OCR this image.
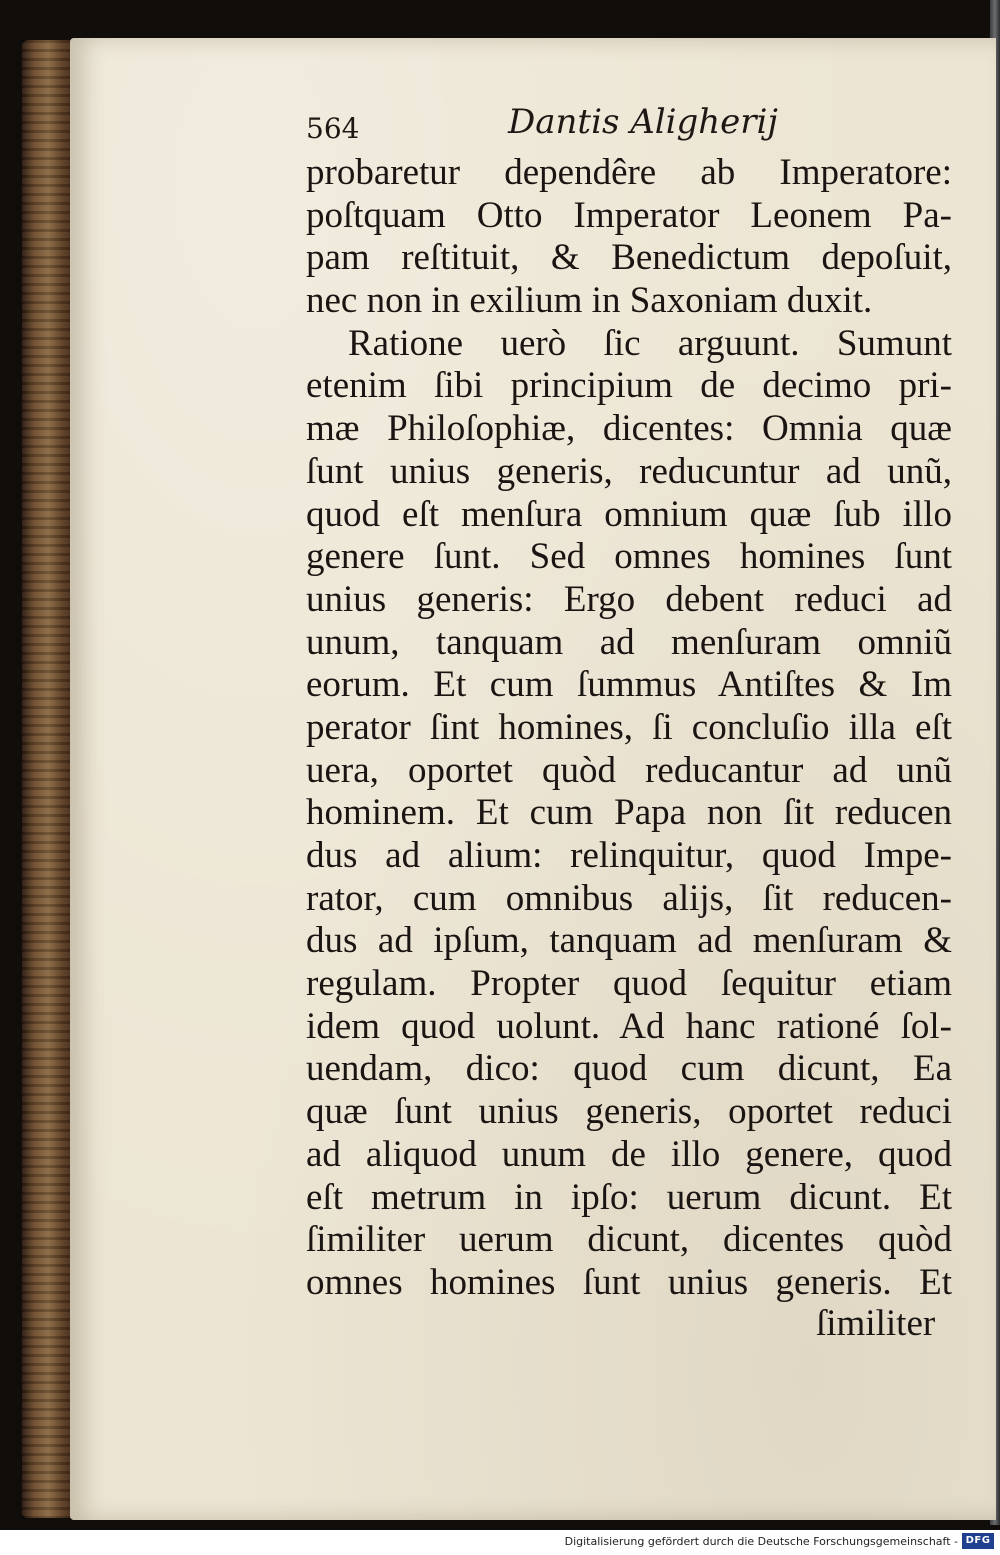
564	Dantis Aligherij
probaretur dependêre ab Imperatore:
poſtquam Otto Imperator Leonem Pa-
pam reſtituit, & Benedictum depoſuit,
nec non in exilium in Saxoniam duxit.
Ratione uerò ſic arguunt. Sumunt
etenim ſibi principium de decimo pri-
mæ Philoſophiæ, dicentes: Omnia quæ
ſunt unius generis, reducuntur ad unũ,
quod eſt menſura omnium quæ ſub illo
genere ſunt. Sed omnes homines ſunt
unius generis: Ergo debent reduci ad
unum, tanquam ad menſuram omniũ
eorum. Et cum ſummus Antiſtes & Im
perator ſint homines, ſi concluſio illa eſt
uera, oportet quòd reducantur ad unũ
hominem. Et cum Papa non ſit reducen
dus ad alium: relinquitur, quod Impe-
rator, cum omnibus alijs, ſit reducen-
dus ad ipſum, tanquam ad menſuram &
regulam. Propter quod ſequitur etiam
idem quod uolunt. Ad hanc rationé ſol-
uendam, dico: quod cum dicunt, Ea
quæ ſunt unius generis, oportet reduci
ad aliquod unum de illo genere, quod
eſt metrum in ipſo: uerum dicunt. Et
ſimiliter uerum dicunt, dicentes quòd
omnes homines ſunt unius generis. Et
ſimiliter
Digitalisierung gefördert durch die Deutsche Forschungsgemeinschaft - DFG
